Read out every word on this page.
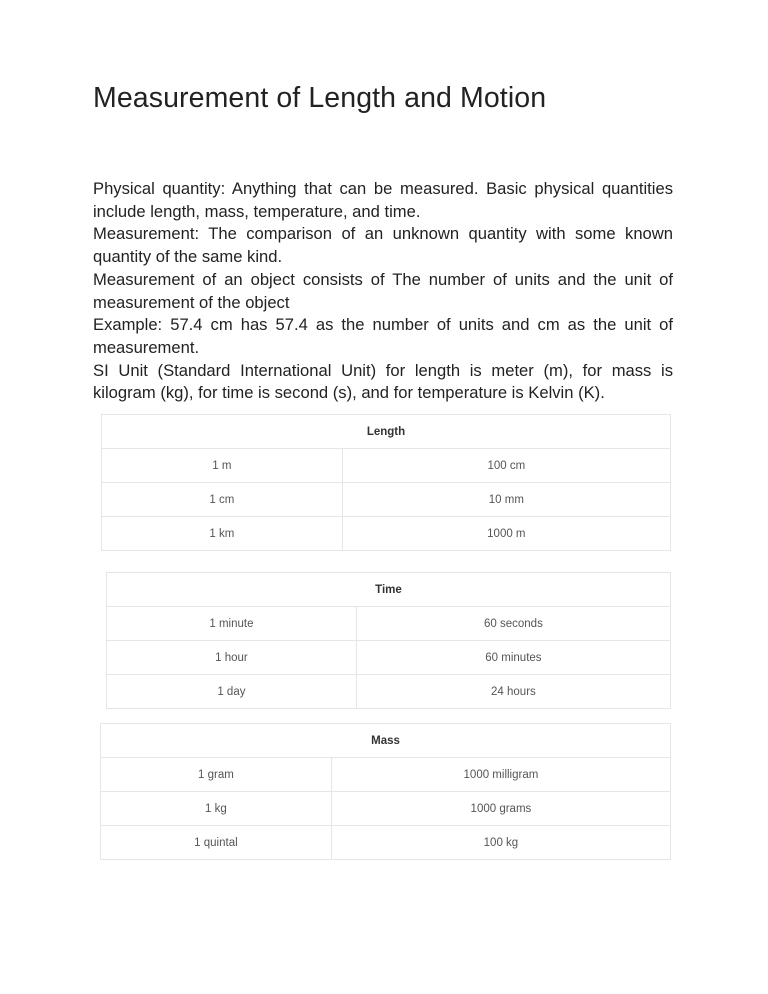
Measurement of Length and Motion

Physical quantity: Anything that can be measured. Basic physical quantities include length, mass, temperature, and time.

Measurement: The comparison of an unknown quantity with some known quantity of the same kind.

Measurement of an object consists of The number of units and the unit of measurement of the object

Example: 57.4 cm has 57.4 as the number of units and cm as the unit of measurement.

SI Unit (Standard International Unit) for length is meter (m), for mass is kilogram (kg), for time is second (s), and for temperature is Kelvin (K).

Length	
1 m	100 cm
1 cm	10 mm
1 km	1000 m
Time	
1 minute	60 seconds
1 hour	60 minutes
1 day	24 hours
Mass	
1 gram	1000 milligram
1 kg	1000 grams
1 quintal	100 kg
